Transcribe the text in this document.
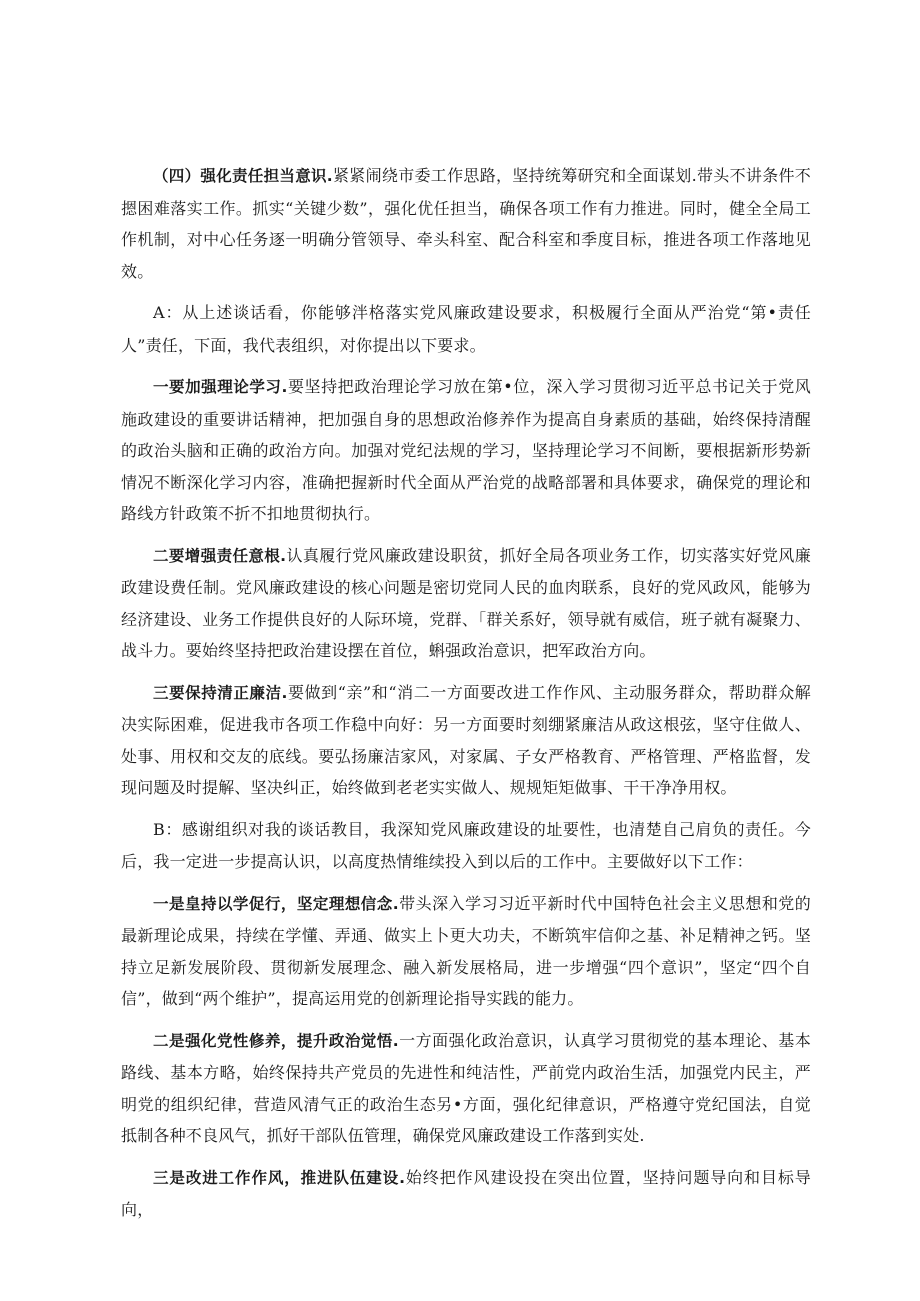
（四）强化责任担当意识.紧紧闹绕市委工作思路，坚持统筹研究和全面谋划.带头不讲条件不摁困难落实工作。抓实“关键少数”，强化优任担当，确保各项工作有力推进。同时，健全全局工作机制，对中心任务逐一明确分管领导、牵头科室、配合科室和季度目标，推进各项工作落地见效。

A：从上述谈话看，你能够泮格落实党风廉政建设要求，积极履行全面从严治党“第•责任人”责任，下面，我代表组织，对你提出以下要求。

一要加强理论学习.要坚持把政治理论学习放在第•位，深入学习贯彻习近平总书记关于党风施政建设的重要讲话精神，把加强自身的思想政治修养作为提高自身素质的基础，始终保持清醒的政治头脑和正确的政治方向。加强对党纪法规的学习，坚持理论学习不间断，要根据新形势新情况不断深化学习内容，准确把握新时代全面从严治党的战略部署和具体要求，确保党的理论和路线方针政策不折不扣地贯彻执行。

二要增强责任意根.认真履行党风廉政建设职贫，抓好全局各项业务工作，切实落实好党风廉政建设费任制。党风廉政建设的核心问题是密切党同人民的血肉联系，良好的党风政风，能够为经济建设、业务工作提供良好的人际环境，党群、「群关系好，领导就有威信，班子就有凝聚力、战斗力。要始终坚持把政治建设摆在首位，蝌强政治意识，把军政治方向。

三要保持清正廉洁.要做到“亲”和“消二一方面要改进工作作风、主动服务群众，帮助群众解决实际困难，促进我市各项工作稳中向好：另一方面要时刻绷紧廉洁从政这根弦，坚守住做人、处事、用权和交友的底线。要弘扬廉洁家风，对家属、子女严格教育、严格管理、严格监督，发现问题及时提解、坚决纠正，始终做到老老实实做人、规规矩矩做事、干干净净用权。

B：感谢组织对我的谈话教目，我深知党风廉政建设的址要性，也清楚自己肩负的责任。今后，我一定进一步提高认识，以高度热情维续投入到以后的工作中。主要做好以下工作：

一是皇持以学促行，坚定理想信念.带头深入学习习近平新时代中国特色社会主义思想和党的最新理论成果，持续在学懂、弄通、做实上卜更大功夫，不断筑牢信仰之基、补足精神之钙。坚持立足新发展阶段、贯彻新发展理念、融入新发展格局，进一步增强“四个意识”，坚定“四个自信”，做到“两个维护”，提高运用党的创新理论指导实践的能力。

二是强化党性修养，提升政治觉悟.一方面强化政治意识，认真学习贯彻党的基本理论、基本路线、基本方略，始终保持共产党员的先进性和纯洁性，严前党内政治生活，加强党内民主，严明党的组织纪律，营造风清气正的政治生态另•方面，强化纪律意识，严格遵守党纪国法，自觉抵制各种不良风气，抓好干部队伍管理，确保党风廉政建设工作落到实处.

三是改进工作作风，推进队伍建设.始终把作风建设投在突出位置，坚持问题导向和目标导向，
